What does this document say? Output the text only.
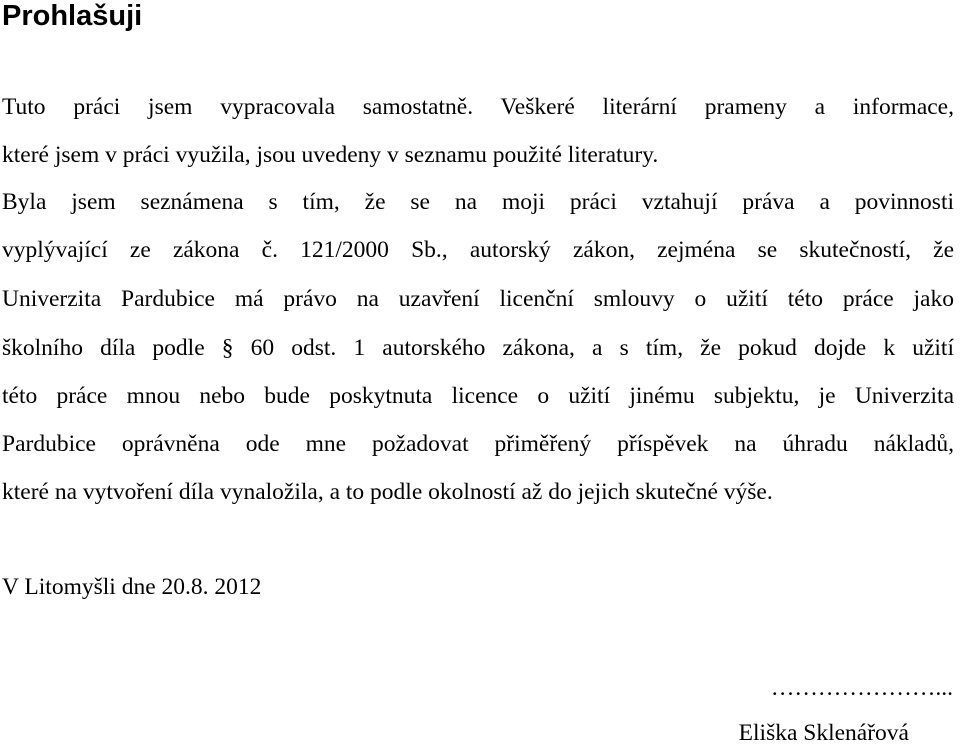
Prohlašuji
Tuto práci jsem vypracovala samostatně. Veškeré literární prameny a informace,
které jsem v práci využila, jsou uvedeny v seznamu použité literatury.
Byla jsem seznámena s tím, že se na moji práci vztahují práva a povinnosti
vyplývající ze zákona č. 121/2000 Sb., autorský zákon, zejména se skutečností, že
Univerzita Pardubice má právo na uzavření licenční smlouvy o užití této práce jako
školního díla podle § 60 odst. 1 autorského zákona, a s tím, že pokud dojde k užití
této práce mnou nebo bude poskytnuta licence o užití jinému subjektu, je Univerzita
Pardubice oprávněna ode mne požadovat přiměřený příspěvek na úhradu nákladů,
které na vytvoření díla vynaložila, a to podle okolností až do jejich skutečné výše.
V Litomyšli dne 20.8. 2012
…………………...
Eliška Sklenářová
